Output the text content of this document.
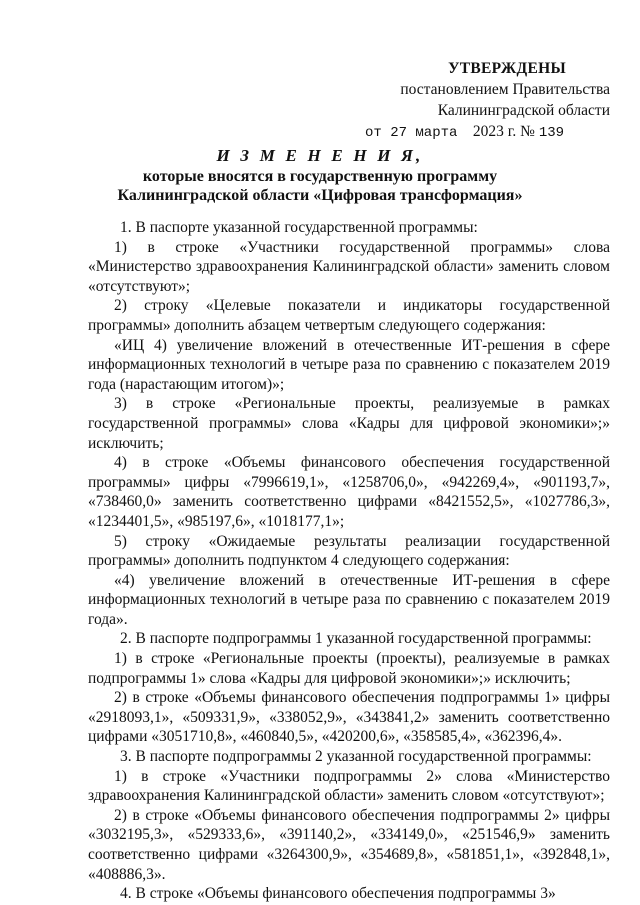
УТВЕРЖДЕНЫ
постановлением Правительства
Калининградской области
от 27 марта 2023 г. № 139
И З М Е Н Е Н И Я,
которые вносятся в государственную программу
Калининградской области «Цифровая трансформация»

1. В паспорте указанной государственной программы:

1) в строке «Участники государственной программы» слова «Министерство здравоохранения Калининградской области» заменить словом «отсутствуют»;

2) строку «Целевые показатели и индикаторы государственной программы» дополнить абзацем четвертым следующего содержания:

«ИЦ 4) увеличение вложений в отечественные ИТ-решения в сфере информационных технологий в четыре раза по сравнению с показателем 2019 года (нарастающим итогом)»;

3) в строке «Региональные проекты, реализуемые в рамках государственной программы» слова «Кадры для цифровой экономики»;» исключить;

4) в строке «Объемы финансового обеспечения государственной программы» цифры «7996619,1», «1258706,0», «942269,4», «901193,7», «738460,0» заменить соответственно цифрами «8421552,5», «1027786,3», «1234401,5», «985197,6», «1018177,1»;

5) строку «Ожидаемые результаты реализации государственной программы» дополнить подпунктом 4 следующего содержания:

«4) увеличение вложений в отечественные ИТ-решения в сфере информационных технологий в четыре раза по сравнению с показателем 2019 года».

2. В паспорте подпрограммы 1 указанной государственной программы:

1) в строке «Региональные проекты (проекты), реализуемые в рамках подпрограммы 1» слова «Кадры для цифровой экономики»;» исключить;

2) в строке «Объемы финансового обеспечения подпрограммы 1» цифры «2918093,1», «509331,9», «338052,9», «343841,2» заменить соответственно цифрами «3051710,8», «460840,5», «420200,6», «358585,4», «362396,4».

3. В паспорте подпрограммы 2 указанной государственной программы:

1) в строке «Участники подпрограммы 2» слова «Министерство здравоохранения Калининградской области» заменить словом «отсутствуют»;

2) в строке «Объемы финансового обеспечения подпрограммы 2» цифры «3032195,3», «529333,6», «391140,2», «334149,0», «251546,9» заменить соответственно цифрами «3264300,9», «354689,8», «581851,1», «392848,1», «408886,3».

4. В строке «Объемы финансового обеспечения подпрограммы 3»
